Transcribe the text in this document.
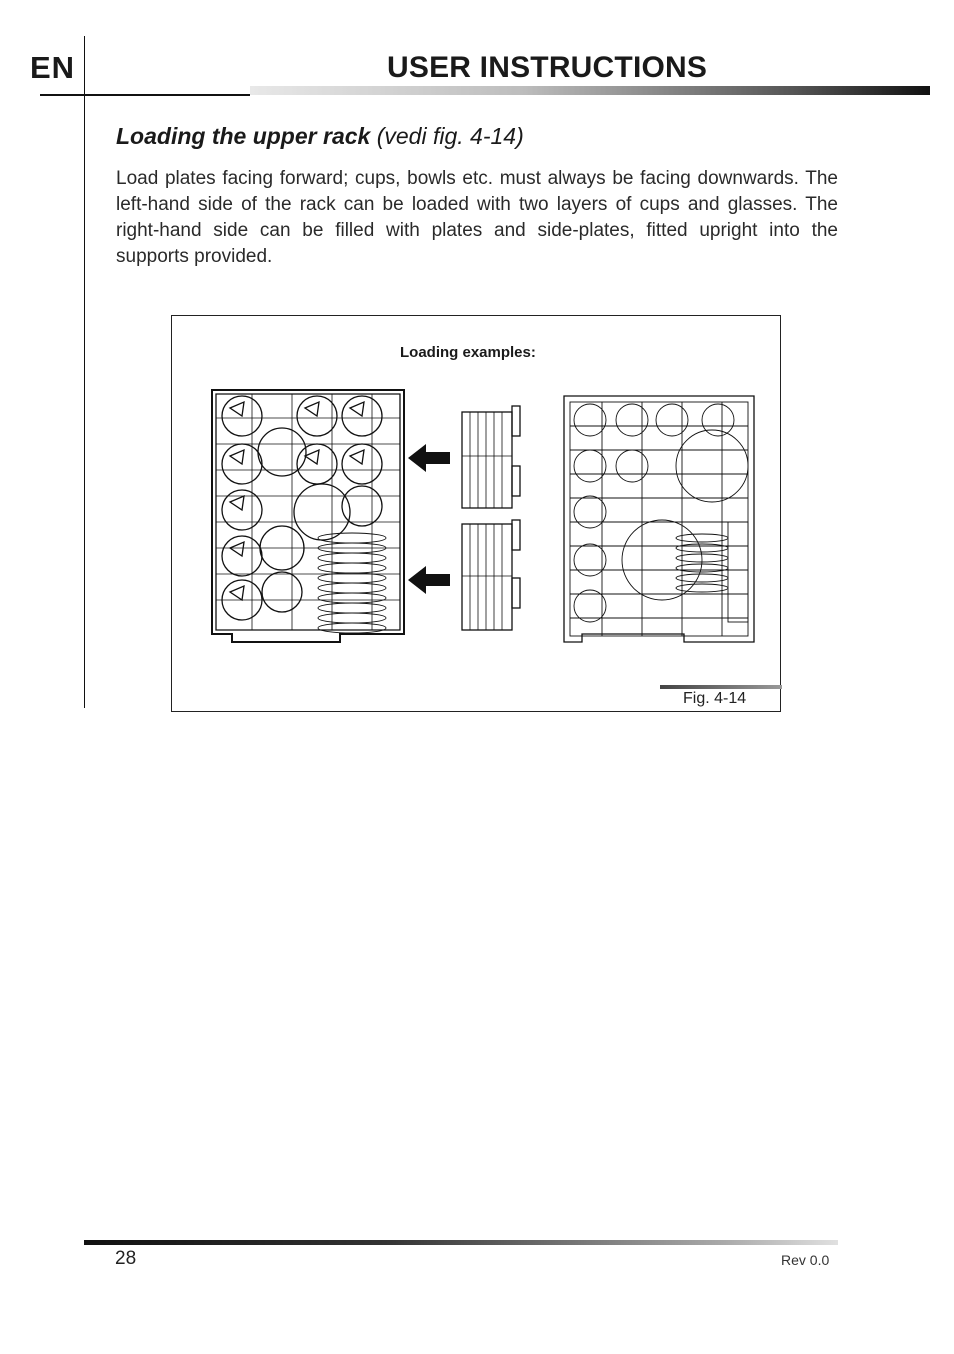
EN	USER INSTRUCTIONS
Loading the upper rack (vedi fig. 4-14)
Load plates facing forward; cups, bowls etc. must always be facing downwards. The left-hand side of the rack can be loaded with two layers of cups and glasses. The right-hand side can be filled with plates and side-plates, fitted upright into the supports provided.
Loading examples:
Fig. 4-14
28	Rev 0.0
